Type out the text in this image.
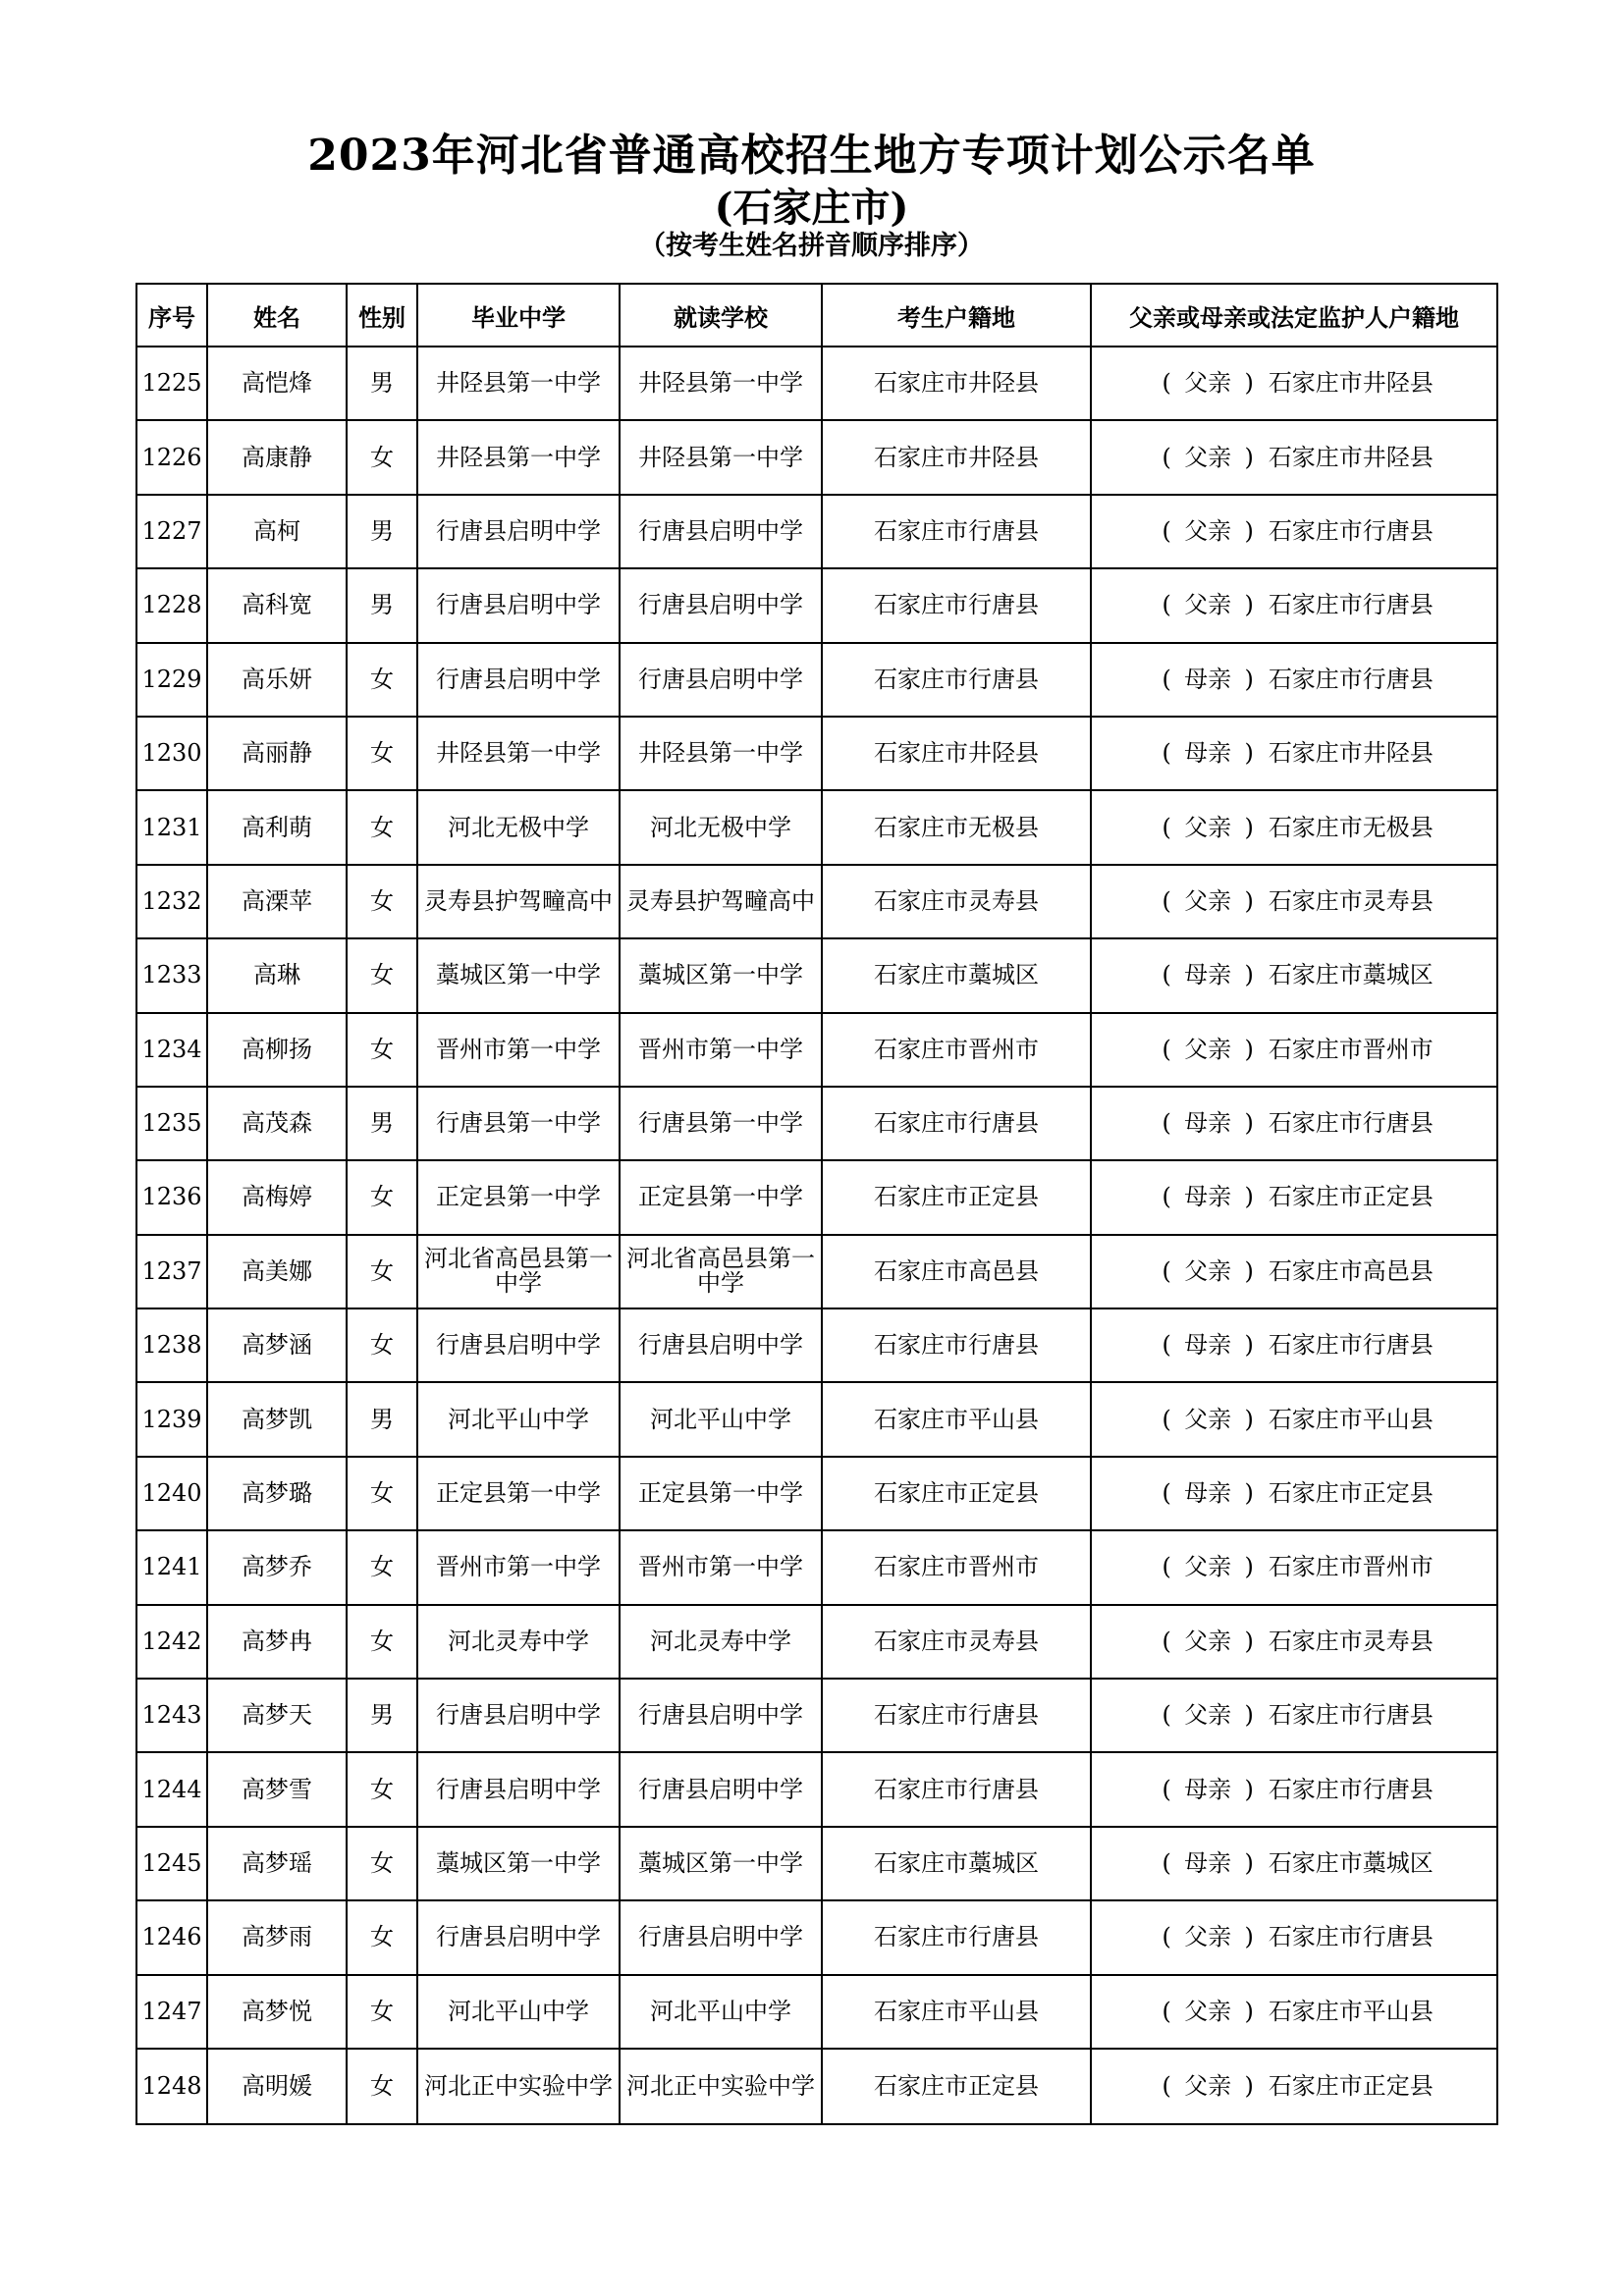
2023年河北省普通高校招生地方专项计划公示名单
(石家庄市)
（按考生姓名拼音顺序排序）
序号	姓名	性别	毕业中学	就读学校	考生户籍地	父亲或母亲或法定监护人户籍地
1225	高恺烽	男	井陉县第一中学	井陉县第一中学	石家庄市井陉县	( 父亲 ) 石家庄市井陉县
1226	高康静	女	井陉县第一中学	井陉县第一中学	石家庄市井陉县	( 父亲 ) 石家庄市井陉县
1227	高柯	男	行唐县启明中学	行唐县启明中学	石家庄市行唐县	( 父亲 ) 石家庄市行唐县
1228	高科宽	男	行唐县启明中学	行唐县启明中学	石家庄市行唐县	( 父亲 ) 石家庄市行唐县
1229	高乐妍	女	行唐县启明中学	行唐县启明中学	石家庄市行唐县	( 母亲 ) 石家庄市行唐县
1230	高丽静	女	井陉县第一中学	井陉县第一中学	石家庄市井陉县	( 母亲 ) 石家庄市井陉县
1231	高利萌	女	河北无极中学	河北无极中学	石家庄市无极县	( 父亲 ) 石家庄市无极县
1232	高溧苹	女	灵寿县护驾疃高中	灵寿县护驾疃高中	石家庄市灵寿县	( 父亲 ) 石家庄市灵寿县
1233	高琳	女	藁城区第一中学	藁城区第一中学	石家庄市藁城区	( 母亲 ) 石家庄市藁城区
1234	高柳扬	女	晋州市第一中学	晋州市第一中学	石家庄市晋州市	( 父亲 ) 石家庄市晋州市
1235	高茂森	男	行唐县第一中学	行唐县第一中学	石家庄市行唐县	( 母亲 ) 石家庄市行唐县
1236	高梅婷	女	正定县第一中学	正定县第一中学	石家庄市正定县	( 母亲 ) 石家庄市正定县
1237	高美娜	女	河北省高邑县第一中学	河北省高邑县第一中学	石家庄市高邑县	( 父亲 ) 石家庄市高邑县
1238	高梦涵	女	行唐县启明中学	行唐县启明中学	石家庄市行唐县	( 母亲 ) 石家庄市行唐县
1239	高梦凯	男	河北平山中学	河北平山中学	石家庄市平山县	( 父亲 ) 石家庄市平山县
1240	高梦璐	女	正定县第一中学	正定县第一中学	石家庄市正定县	( 母亲 ) 石家庄市正定县
1241	高梦乔	女	晋州市第一中学	晋州市第一中学	石家庄市晋州市	( 父亲 ) 石家庄市晋州市
1242	高梦冉	女	河北灵寿中学	河北灵寿中学	石家庄市灵寿县	( 父亲 ) 石家庄市灵寿县
1243	高梦天	男	行唐县启明中学	行唐县启明中学	石家庄市行唐县	( 父亲 ) 石家庄市行唐县
1244	高梦雪	女	行唐县启明中学	行唐县启明中学	石家庄市行唐县	( 母亲 ) 石家庄市行唐县
1245	高梦瑶	女	藁城区第一中学	藁城区第一中学	石家庄市藁城区	( 母亲 ) 石家庄市藁城区
1246	高梦雨	女	行唐县启明中学	行唐县启明中学	石家庄市行唐县	( 父亲 ) 石家庄市行唐县
1247	高梦悦	女	河北平山中学	河北平山中学	石家庄市平山县	( 父亲 ) 石家庄市平山县
1248	高明媛	女	河北正中实验中学	河北正中实验中学	石家庄市正定县	( 父亲 ) 石家庄市正定县
